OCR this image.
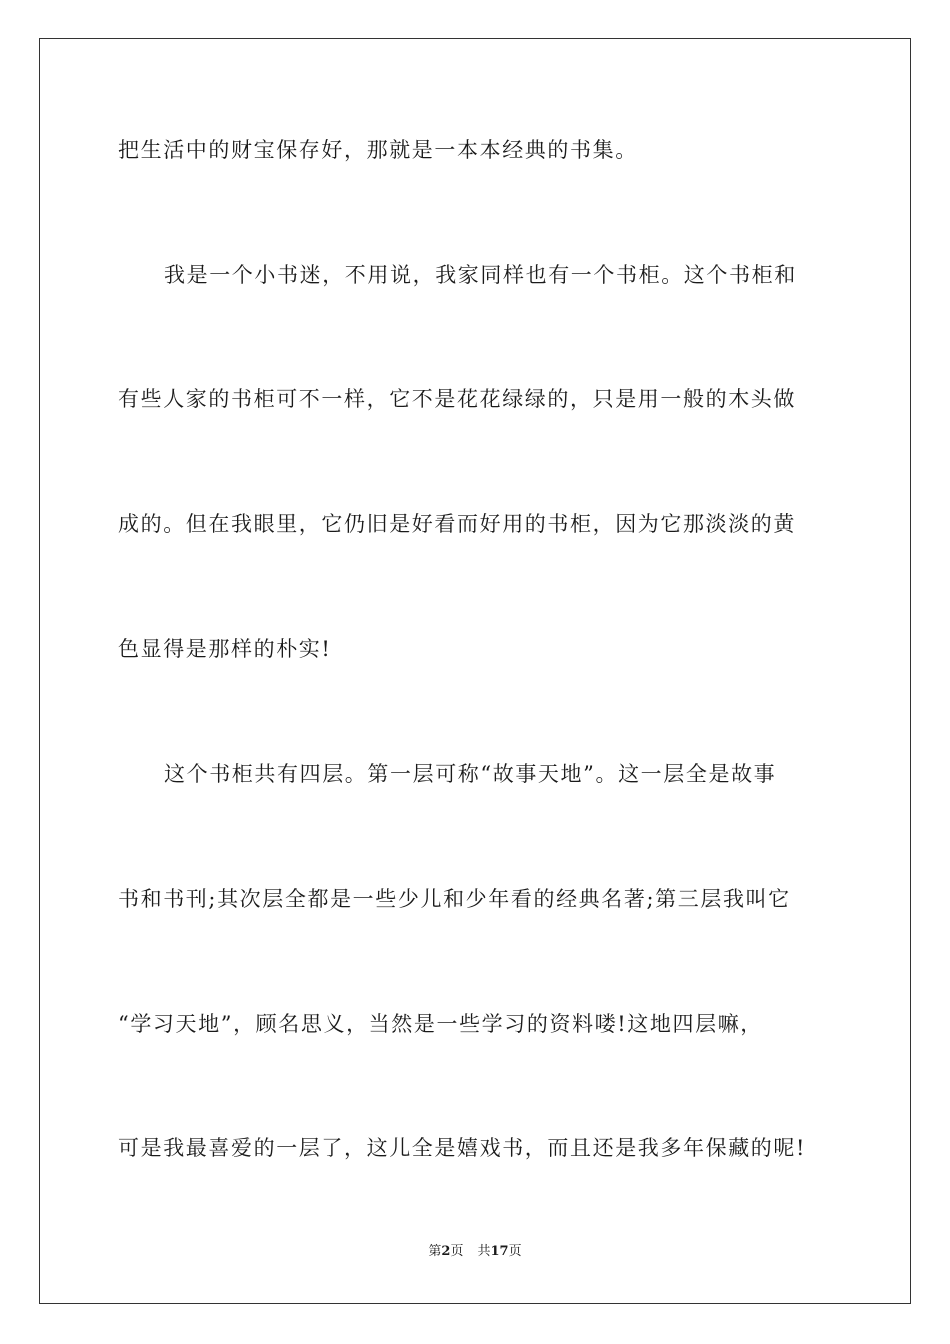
把生活中的财宝保存好，那就是一本本经典的书集。
我是一个小书迷，不用说，我家同样也有一个书柜。这个书柜和
有些人家的书柜可不一样，它不是花花绿绿的，只是用一般的木头做
成的。但在我眼里，它仍旧是好看而好用的书柜，因为它那淡淡的黄
色显得是那样的朴实!
这个书柜共有四层。第一层可称“故事天地”。这一层全是故事
书和书刊;其次层全都是一些少儿和少年看的经典名著;第三层我叫它
“学习天地”，顾名思义，当然是一些学习的资料喽!这地四层嘛，
可是我最喜爱的一层了，这儿全是嬉戏书，而且还是我多年保藏的呢!
第2页 共17页
